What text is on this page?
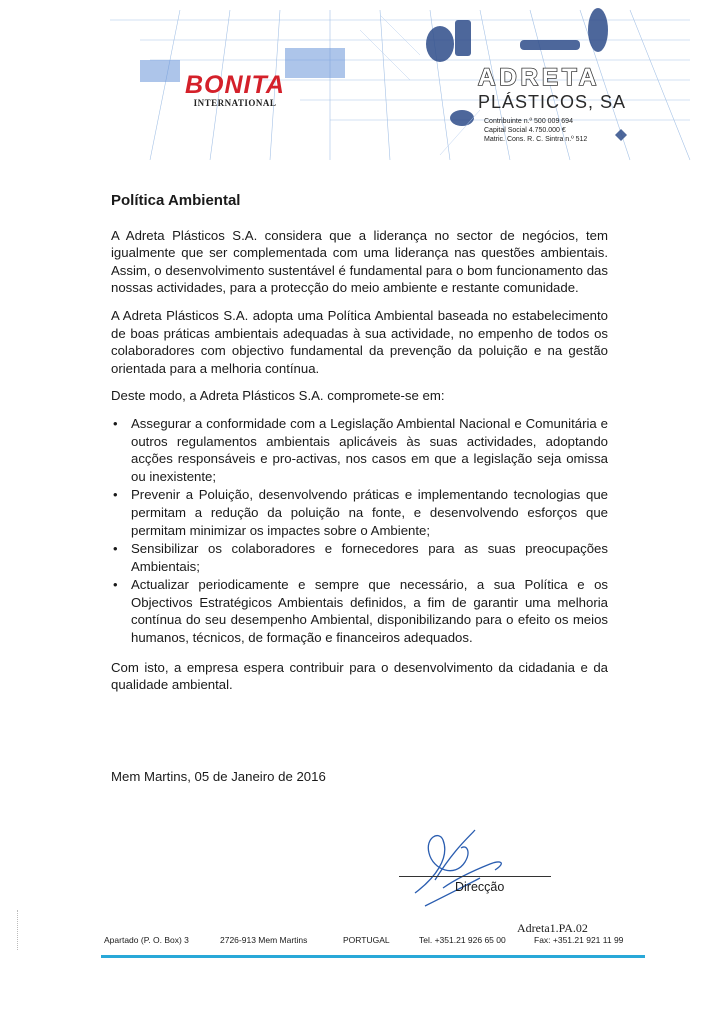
BONITA
INTERNATIONAL
ADRETA
PLÁSTICOS, SA
Contribuinte n.º 500 009 694
Capital Social 4.750.000 €
Matric. Cons. R. C. Sintra n.º 512
Política Ambiental

A Adreta Plásticos S.A. considera que a liderança no sector de negócios, tem igualmente que ser complementada com uma liderança nas questões ambientais. Assim, o desenvolvimento sustentável é fundamental para o bom funcionamento das nossas actividades, para a protecção do meio ambiente e restante comunidade.

A Adreta Plásticos S.A. adopta uma Política Ambiental baseada no estabelecimento de boas práticas ambientais adequadas à sua actividade, no empenho de todos os colaboradores com objectivo fundamental da prevenção da poluição e na gestão orientada para a melhoria contínua.

Deste modo, a Adreta Plásticos S.A. compromete-se em:

• Assegurar a conformidade com a Legislação Ambiental Nacional e Comunitária e outros regulamentos ambientais aplicáveis às suas actividades, adoptando acções responsáveis e pro-activas, nos casos em que a legislação seja omissa ou inexistente;
• Prevenir a Poluição, desenvolvendo práticas e implementando tecnologias que permitam a redução da poluição na fonte, e desenvolvendo esforços que permitam minimizar os impactes sobre o Ambiente;
• Sensibilizar os colaboradores e fornecedores para as suas preocupações Ambientais;
• Actualizar periodicamente e sempre que necessário, a sua Política e os Objectivos Estratégicos Ambientais definidos, a fim de garantir uma melhoria contínua do seu desempenho Ambiental, disponibilizando para o efeito os meios humanos, técnicos, de formação e financeiros adequados.

Com isto, a empresa espera contribuir para o desenvolvimento da cidadania e da qualidade ambiental.

Mem Martins, 05 de Janeiro de 2016
Direcção
Adreta1.PA.02
Apartado (P. O. Box) 3	2726-913 Mem Martins	PORTUGAL	Tel. +351.21 926 65 00	Fax: +351.21 921 11 99
